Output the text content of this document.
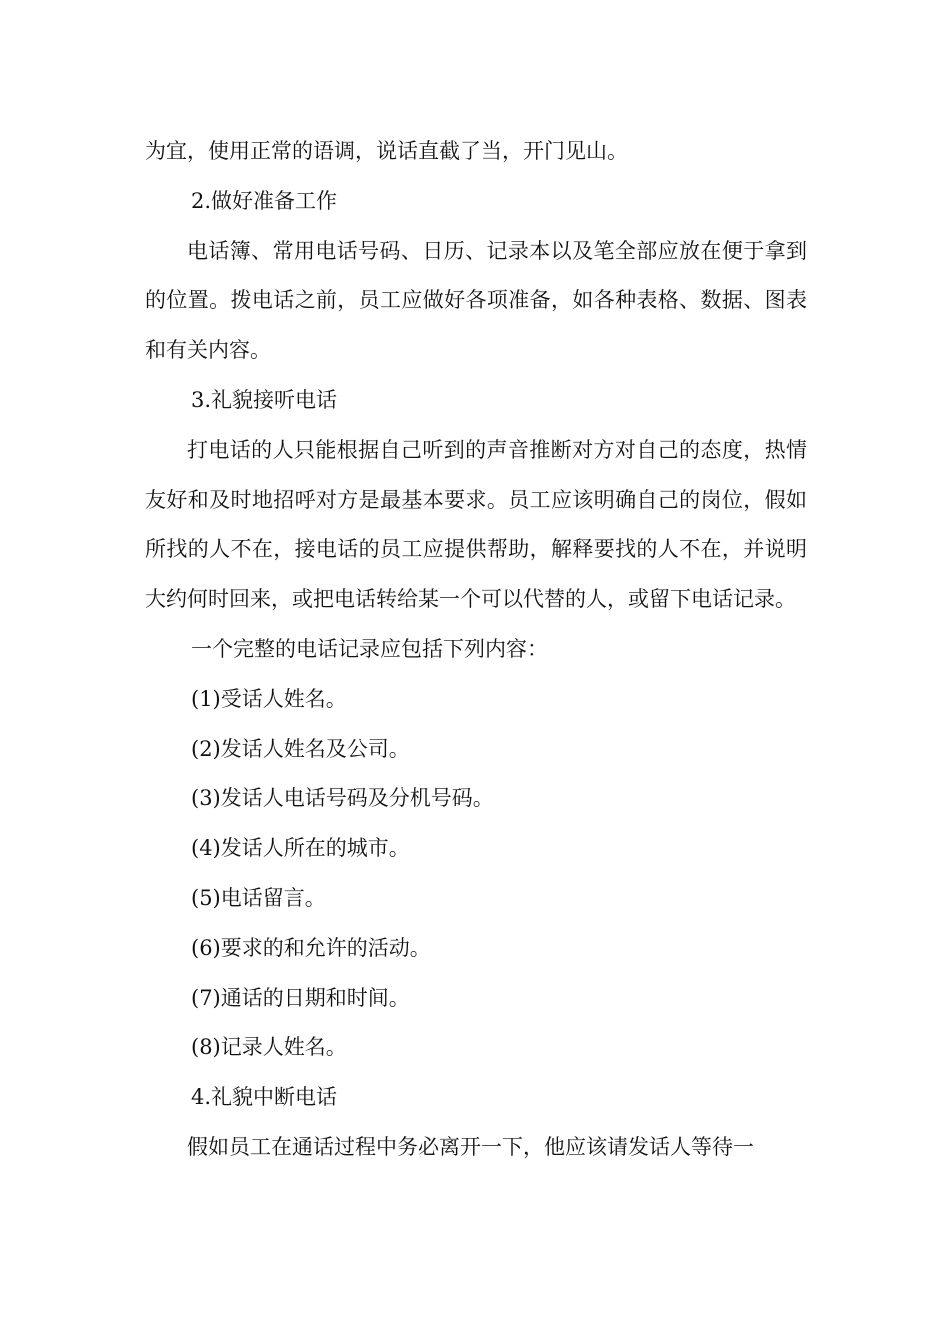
为宜，使用正常的语调，说话直截了当，开门见山。

2.做好准备工作

电话簿、常用电话号码、日历、记录本以及笔全部应放在便于拿到的位置。拨电话之前，员工应做好各项准备，如各种表格、数据、图表和有关内容。

3.礼貌接听电话

打电话的人只能根据自己听到的声音推断对方对自己的态度，热情友好和及时地招呼对方是最基本要求。员工应该明确自己的岗位，假如所找的人不在，接电话的员工应提供帮助，解释要找的人不在，并说明大约何时回来，或把电话转给某一个可以代替的人，或留下电话记录。

一个完整的电话记录应包括下列内容：

(1)受话人姓名。

(2)发话人姓名及公司。

(3)发话人电话号码及分机号码。

(4)发话人所在的城市。

(5)电话留言。

(6)要求的和允许的活动。

(7)通话的日期和时间。

(8)记录人姓名。

4.礼貌中断电话

假如员工在通话过程中务必离开一下，他应该请发话人等待一
